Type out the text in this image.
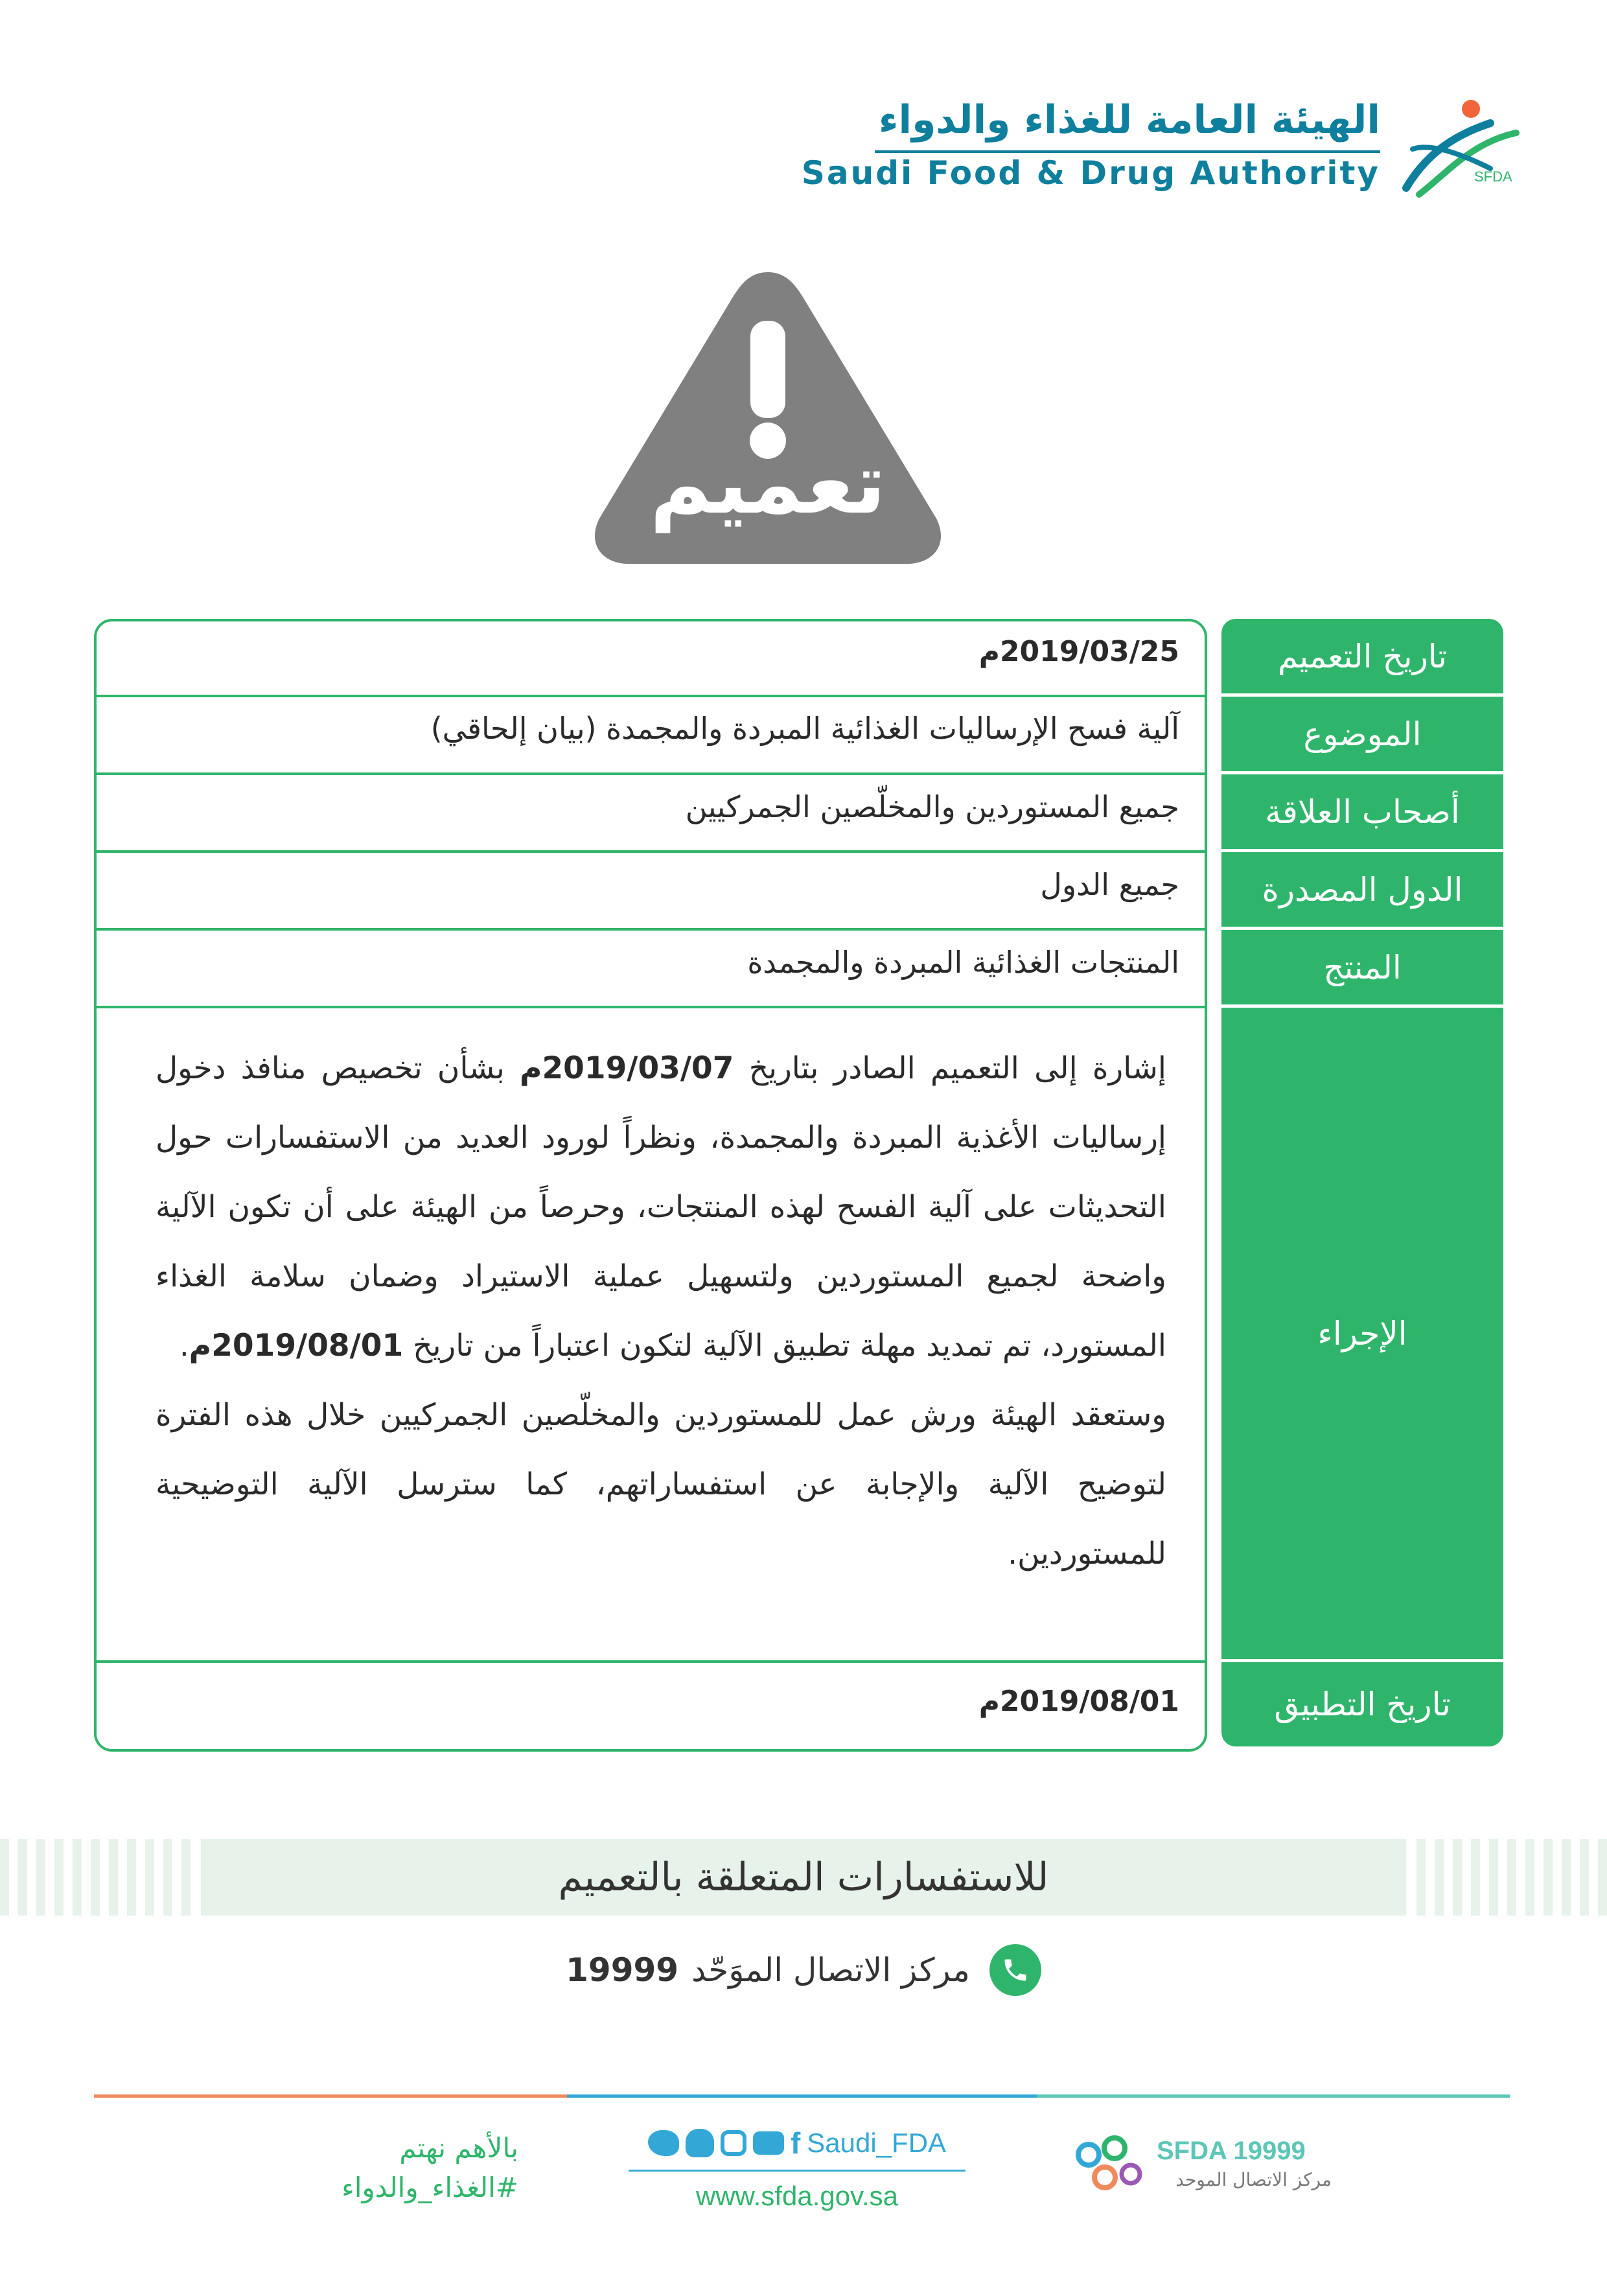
الهيئة العامة للغذاء والدواء
Saudi Food & Drug Authority	SFDA
تعميم
تاريخ التعميم
الموضوع
أصحاب العلاقة
الدول المصدرة
المنتج
الإجراء
تاريخ التطبيق
2019/03/25م
آلية فسح الإرساليات الغذائية المبردة والمجمدة (بيان إلحاقي)
جميع المستوردين والمخلّصين الجمركيين
جميع الدول
المنتجات الغذائية المبردة والمجمدة

إشارة إلى التعميم الصادر بتاريخ 2019/03/07م بشأن تخصيص منافذ دخول إرساليات الأغذية المبردة والمجمدة، ونظراً لورود العديد من الاستفسارات حول التحديثات على آلية الفسح لهذه المنتجات، وحرصاً من الهيئة على أن تكون الآلية واضحة لجميع المستوردين ولتسهيل عملية الاستيراد وضمان سلامة الغذاء المستورد، تم تمديد مهلة تطبيق الآلية لتكون اعتباراً من تاريخ 2019/08/01م.

وستعقد الهيئة ورش عمل للمستوردين والمخلّصين الجمركيين خلال هذه الفترة لتوضيح الآلية والإجابة عن استفساراتهم، كما سترسل الآلية التوضيحية للمستوردين.

2019/08/01م
للاستفسارات المتعلقة بالتعميم
مركز الاتصال الموَحّد
19999
بالأهم نهتم
#الغذاء_والدواء
f Saudi_FDA
www.sfda.gov.sa
SFDA 19999
مركز الاتصال الموحد
